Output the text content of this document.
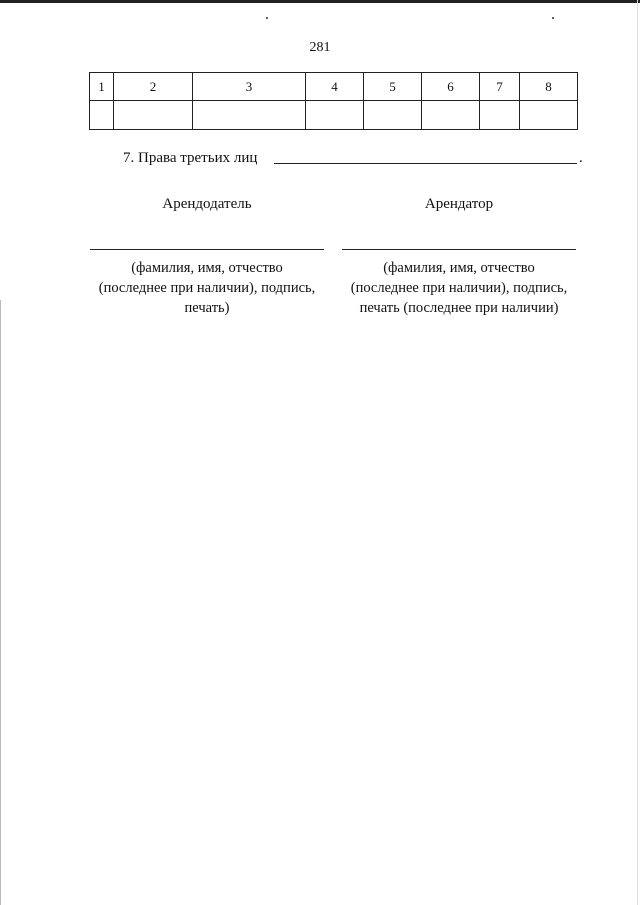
281
1	2	3	4	5	6	7	8

7. Права третьих лиц	.
Арендодатель	Арендатор
(фамилия, имя, отчество
(последнее при наличии), подпись,
печать)
(фамилия, имя, отчество
(последнее при наличии), подпись,
печать (последнее при наличии)
